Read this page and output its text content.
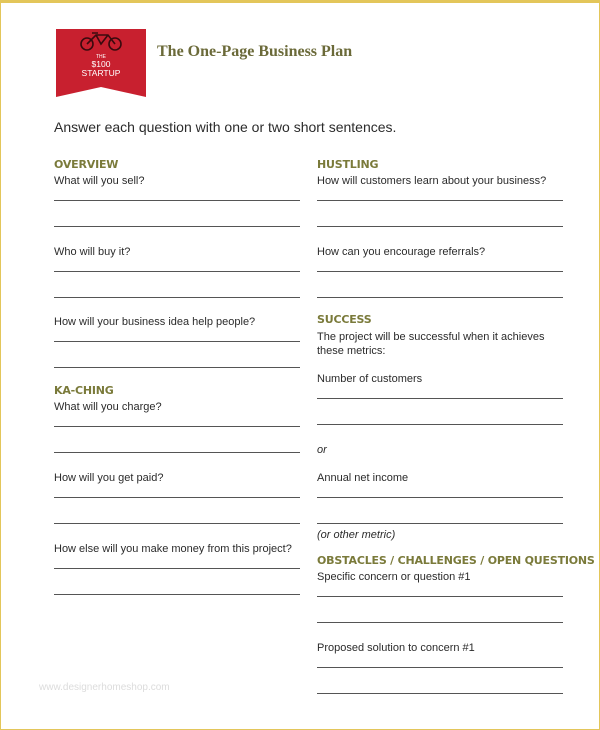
THE
$100
STARTUP
The One-Page Business Plan
Answer each question with one or two short sentences.
OVERVIEW
What will you sell?
Who will buy it?
How will your business idea help people?
KA-CHING
What will you charge?
How will you get paid?
How else will you make money from this project?
HUSTLING
How will customers learn about your business?
How can you encourage referrals?
SUCCESS
The project will be successful when it achieves
these metrics:
Number of customers
or
Annual net income
(or other metric)
OBSTACLES / CHALLENGES / OPEN QUESTIONS
Specific concern or question #1
Proposed solution to concern #1
www.designerhomeshop.com
